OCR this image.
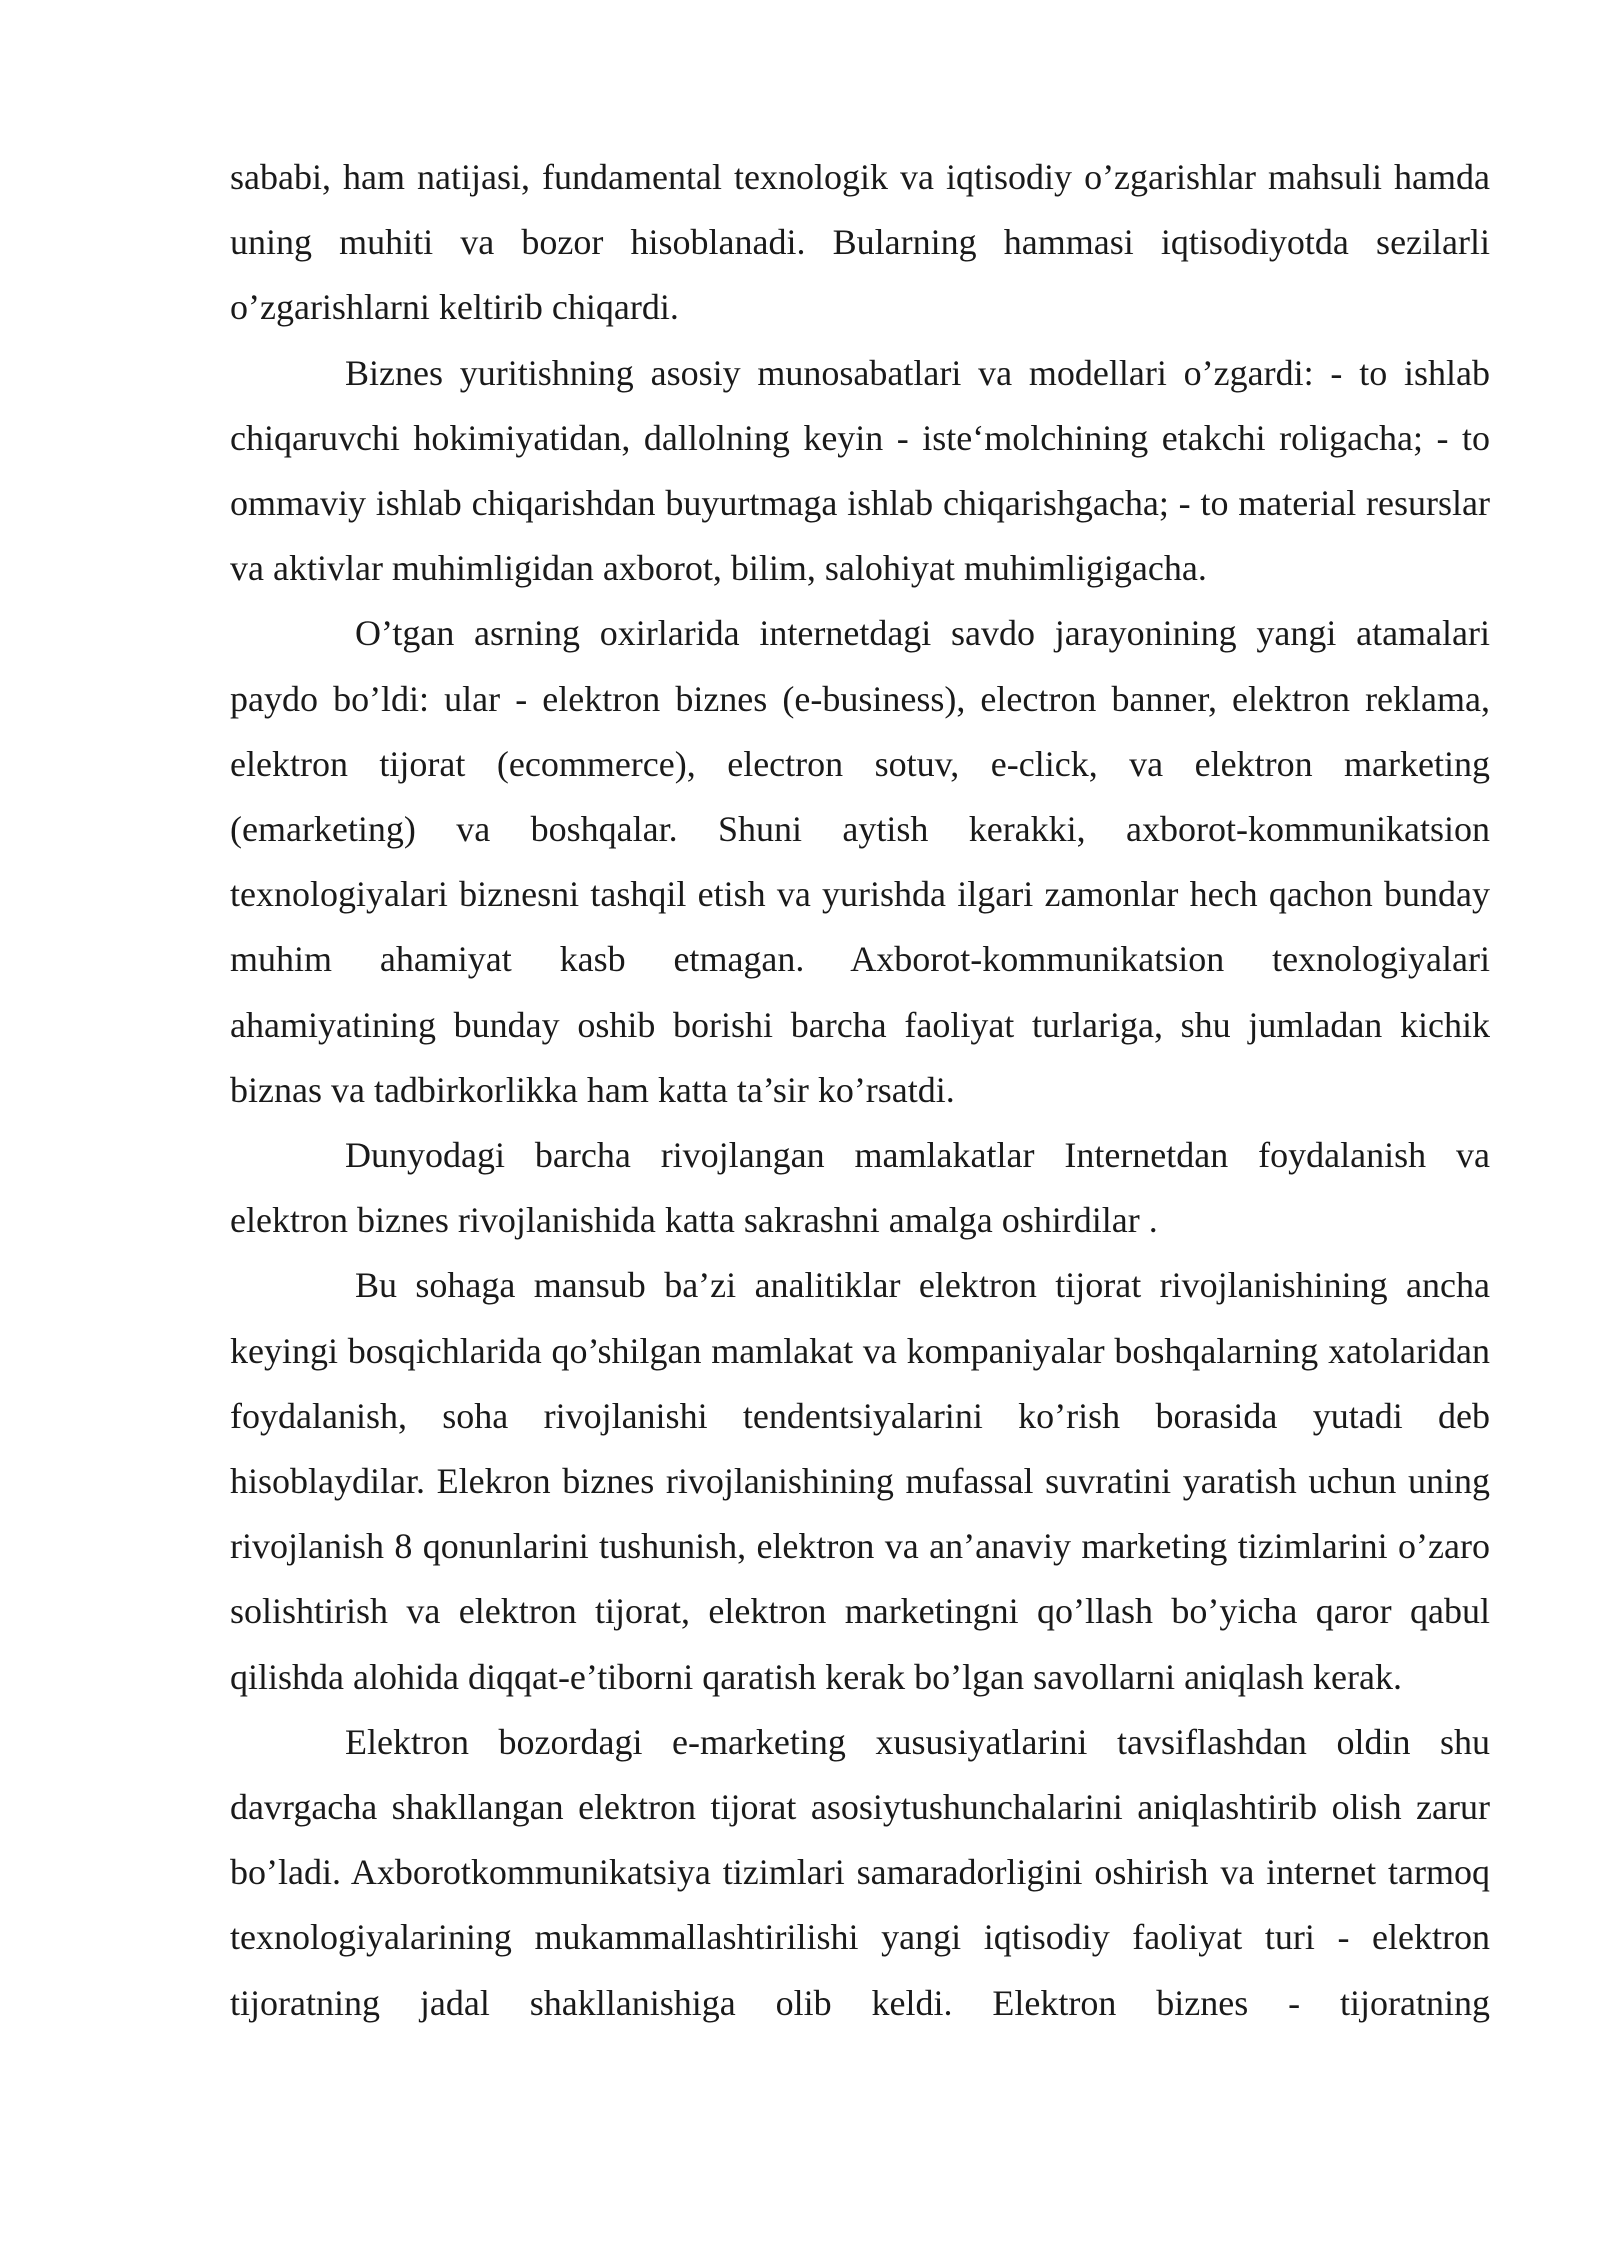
sababi, ham natijasi, fundamental texnologik va iqtisodiy o’zgarishlar mahsuli hamda uning muhiti va bozor hisoblanadi. Bularning hammasi iqtisodiyotda sezilarli o’zgarishlarni keltirib chiqardi.

Biznes yuritishning asosiy munosabatlari va modellari o’zgardi: - to ishlab chiqaruvchi hokimiyatidan, dallolning keyin - iste‘molchining etakchi roligacha; - to ommaviy ishlab chiqarishdan buyurtmaga ishlab chiqarishgacha; - to material resurslar va aktivlar muhimligidan axborot, bilim, salohiyat muhimligigacha.

O’tgan asrning oxirlarida internetdagi savdo jarayonining yangi atamalari paydo bo’ldi: ular - elektron biznes (e-business), electron banner, elektron reklama, elektron tijorat (ecommerce), electron sotuv, e-click, va elektron marketing (emarketing) va boshqalar. Shuni aytish kerakki, axborot-kommunikatsion texnologiyalari biznesni tashqil etish va yurishda ilgari zamonlar hech qachon bunday muhim ahamiyat kasb etmagan. Axborot-kommunikatsion texnologiyalari ahamiyatining bunday oshib borishi barcha faoliyat turlariga, shu jumladan kichik biznas va tadbirkorlikka ham katta ta’sir ko’rsatdi.

Dunyodagi barcha rivojlangan mamlakatlar Internetdan foydalanish va elektron biznes rivojlanishida katta sakrashni amalga oshirdilar .

Bu sohaga mansub ba’zi analitiklar elektron tijorat rivojlanishining ancha keyingi bosqichlarida qo’shilgan mamlakat va kompaniyalar boshqalarning xatolaridan foydalanish, soha rivojlanishi tendentsiyalarini ko’rish borasida yutadi deb hisoblaydilar. Elekron biznes rivojlanishining mufassal suvratini yaratish uchun uning rivojlanish 8 qonunlarini tushunish, elektron va an’anaviy marketing tizimlarini o’zaro solishtirish va elektron tijorat, elektron marketingni qo’llash bo’yicha qaror qabul qilishda alohida diqqat-e’tiborni qaratish kerak bo’lgan savollarni aniqlash kerak.

Elektron bozordagi e-marketing xususiyatlarini tavsiflashdan oldin shu davrgacha shakllangan elektron tijorat asosiytushunchalarini aniqlashtirib olish zarur bo’ladi. Axborotkommunikatsiya tizimlari samaradorligini oshirish va internet tarmoq texnologiyalarining mukammallashtirilishi yangi iqtisodiy faoliyat turi - elektron tijoratning jadal shakllanishiga olib keldi. Elektron biznes - tijoratning
